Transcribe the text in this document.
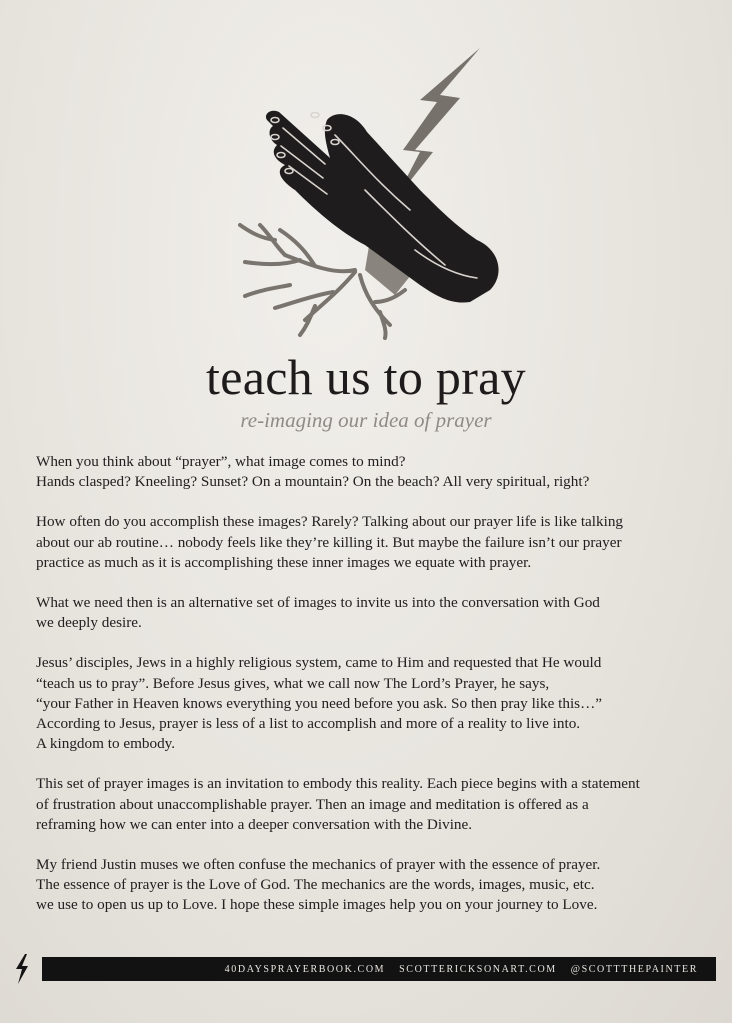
teach us to pray

re-imaging our idea of prayer

When you think about “prayer”, what image comes to mind?
Hands clasped? Kneeling? Sunset? On a mountain? On the beach? All very spiritual, right?

How often do you accomplish these images? Rarely? Talking about our prayer life is like talking
about our ab routine… nobody feels like they’re killing it. But maybe the failure isn’t our prayer
practice as much as it is accomplishing these inner images we equate with prayer.

What we need then is an alternative set of images to invite us into the conversation with God
we deeply desire.

Jesus’ disciples, Jews in a highly religious system, came to Him and requested that He would
“teach us to pray”. Before Jesus gives, what we call now The Lord’s Prayer, he says,
“your Father in Heaven knows everything you need before you ask. So then pray like this…”
According to Jesus, prayer is less of a list to accomplish and more of a reality to live into.
A kingdom to embody.

This set of prayer images is an invitation to embody this reality. Each piece begins with a statement
of frustration about unaccomplishable prayer. Then an image and meditation is offered as a
reframing how we can enter into a deeper conversation with the Divine.

My friend Justin muses we often confuse the mechanics of prayer with the essence of prayer.
The essence of prayer is the Love of God. The mechanics are the words, images, music, etc.
we use to open us up to Love. I hope these simple images help you on your journey to Love.

40DAYSPRAYERBOOK.COM SCOTTERICKSONART.COM @SCOTTTHEPAINTER
